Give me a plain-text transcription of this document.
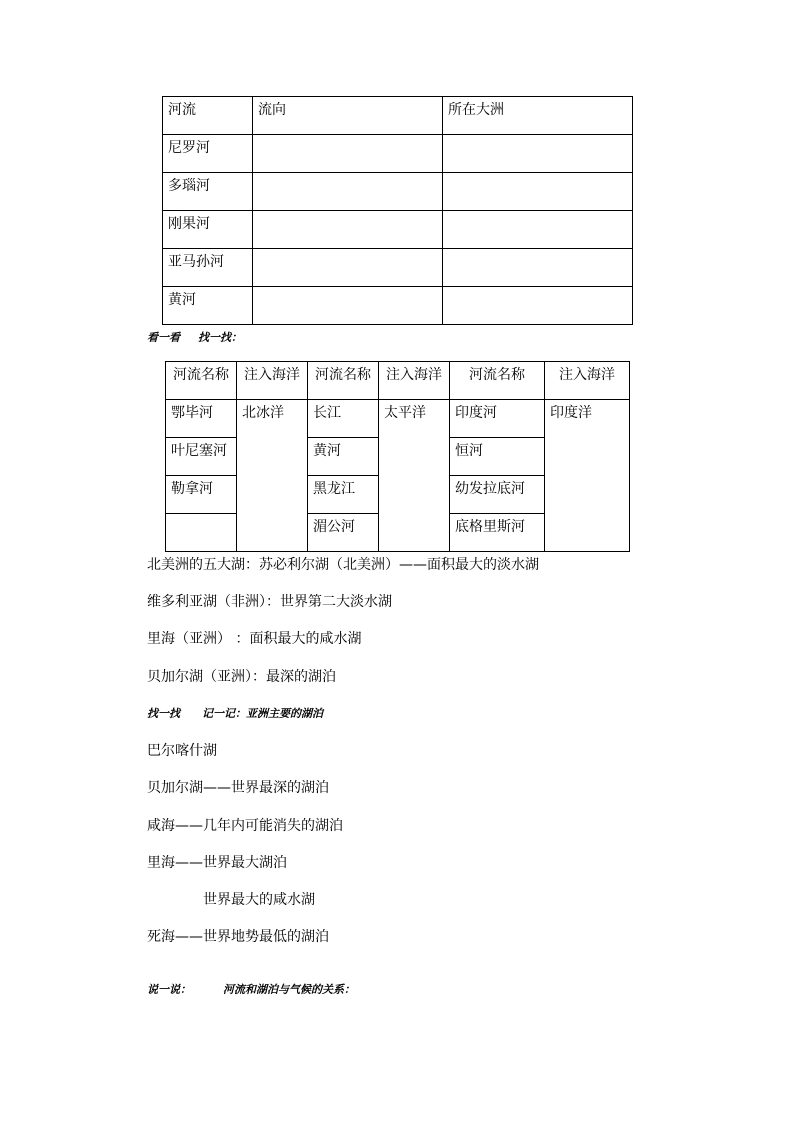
河流	流向	所在大洲
尼罗河		
多瑙河		
刚果河		
亚马孙河		
黄河		
看一看 找一找：
河流名称	注入海洋	河流名称	注入海洋	河流名称	注入海洋
鄂毕河	北冰洋	长江	太平洋	印度河	印度洋
叶尼塞河		黄河		恒河	
勒拿河		黑龙江		幼发拉底河	
		湄公河		底格里斯河	
北美洲的五大湖：苏必利尔湖（北美洲）——面积最大的淡水湖
维多利亚湖（非洲）：世界第二大淡水湖
里海（亚洲） ：面积最大的咸水湖
贝加尔湖（亚洲）：最深的湖泊
找一找 记一记：亚洲主要的湖泊
巴尔喀什湖
贝加尔湖——世界最深的湖泊
咸海——几年内可能消失的湖泊
里海——世界最大湖泊
世界最大的咸水湖
死海——世界地势最低的湖泊
说一说：	河流和湖泊与气候的关系：
